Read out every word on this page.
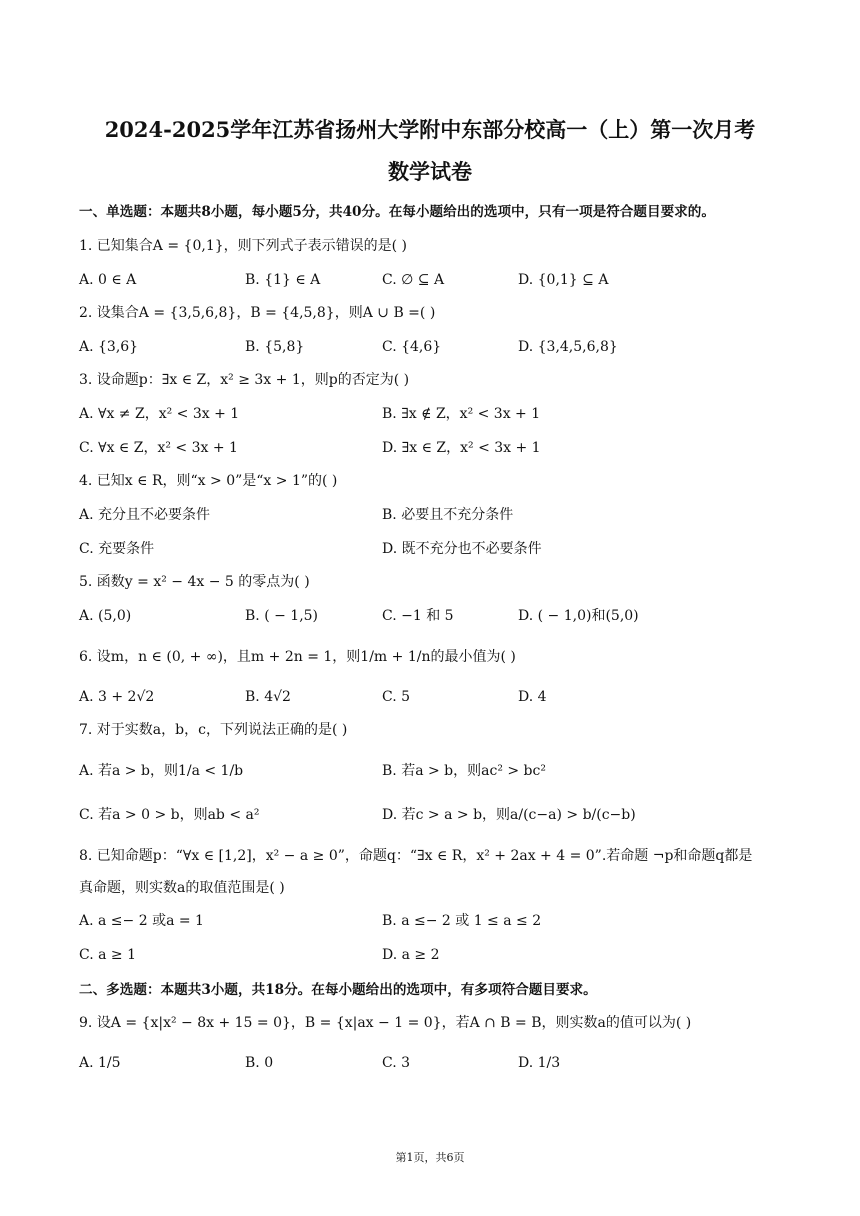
2024-2025学年江苏省扬州大学附中东部分校高一（上）第一次月考
数学试卷
一、单选题：本题共8小题，每小题5分，共40分。在每小题给出的选项中，只有一项是符合题目要求的。
1. 已知集合A = {0,1}，则下列式子表示错误的是( )
A. 0 ∈ A	B. {1} ∈ A	C. ∅ ⊆ A	D. {0,1} ⊆ A
2. 设集合A = {3,5,6,8}，B = {4,5,8}，则A ∪ B =( )
A. {3,6}	B. {5,8}	C. {4,6}	D. {3,4,5,6,8}
3. 设命题p：∃x ∈ Z，x² ≥ 3x + 1，则p的否定为( )
A. ∀x ≠ Z，x² < 3x + 1	B. ∃x ∉ Z，x² < 3x + 1
C. ∀x ∈ Z，x² < 3x + 1	D. ∃x ∈ Z，x² < 3x + 1
4. 已知x ∈ R，则“x > 0”是“x > 1”的( )
A. 充分且不必要条件	B. 必要且不充分条件
C. 充要条件	D. 既不充分也不必要条件
5. 函数y = x² − 4x − 5 的零点为( )
A. (5,0)	B. ( − 1,5)	C. −1 和 5	D. ( − 1,0)和(5,0)
6. 设m，n ∈ (0, + ∞)，且m + 2n = 1，则1/m + 1/n的最小值为( )
A. 3 + 2√2	B. 4√2	C. 5	D. 4
7. 对于实数a，b，c，下列说法正确的是( )
A. 若a > b，则1/a < 1/b	B. 若a > b，则ac² > bc²
C. 若a > 0 > b，则ab < a²	D. 若c > a > b，则a/(c−a) > b/(c−b)
8. 已知命题p：“∀x ∈ [1,2]，x² − a ≥ 0”，命题q：“∃x ∈ R，x² + 2ax + 4 = 0”.若命题 ¬p和命题q都是
真命题，则实数a的取值范围是( )
A. a ≤− 2 或a = 1	B. a ≤− 2 或 1 ≤ a ≤ 2
C. a ≥ 1	D. a ≥ 2
二、多选题：本题共3小题，共18分。在每小题给出的选项中，有多项符合题目要求。
9. 设A = {x|x² − 8x + 15 = 0}，B = {x|ax − 1 = 0}，若A ∩ B = B，则实数a的值可以为( )
A. 1/5	B. 0	C. 3	D. 1/3
第1页，共6页
